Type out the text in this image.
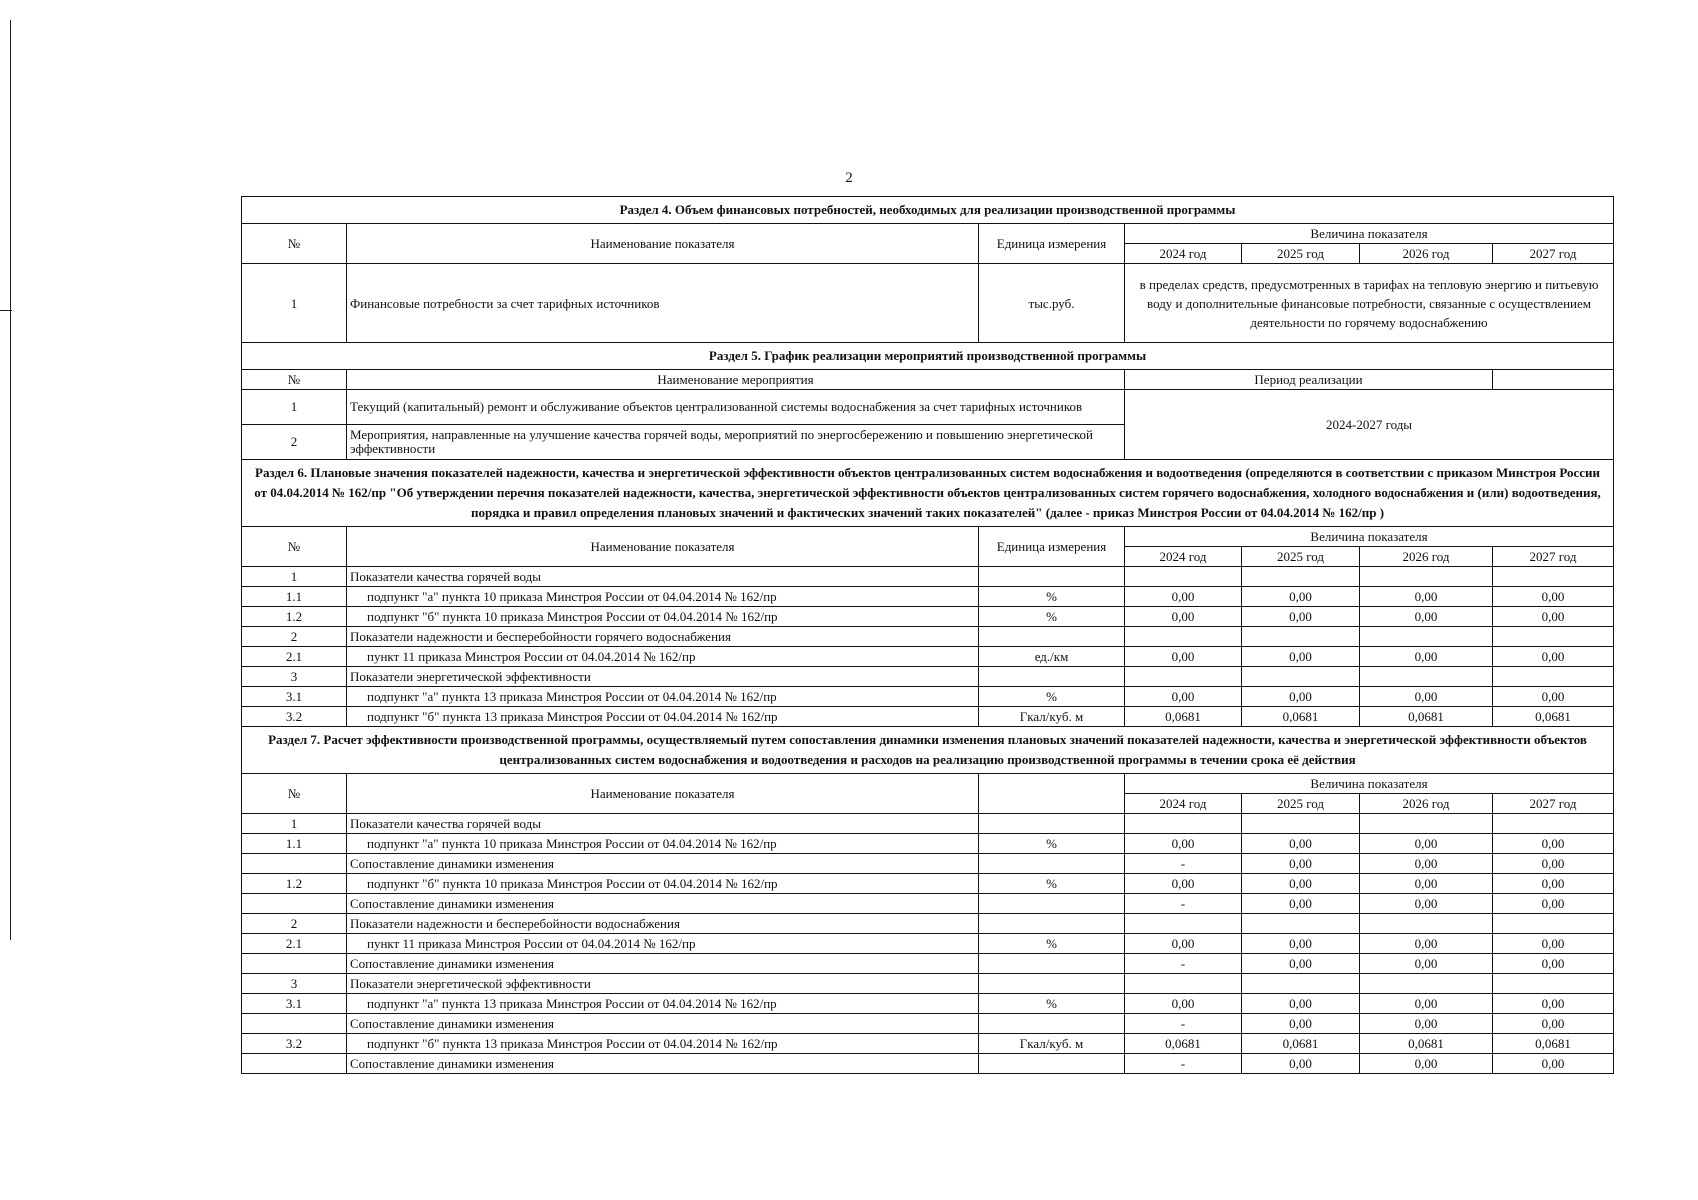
2
Раздел 4. Объем финансовых потребностей, необходимых для реализации производственной программы						
№	Наименование показателя	Единица измерения	Величина показателя			
			2024 год	2025 год	2026 год	2027 год
1	Финансовые потребности за счет тарифных источников	тыс.руб.	в пределах средств, предусмотренных в тарифах на тепловую энергию и питьевую воду и дополнительные финансовые потребности, связанные с осуществлением деятельности по горячему водоснабжению			
Раздел 5. График реализации мероприятий производственной программы						
№	Наименование мероприятия		Период реализации			
1	Текущий (капитальный) ремонт и обслуживание объектов централизованной системы водоснабжения за счет тарифных источников		2024-2027 годы			
2	Мероприятия, направленные на улучшение качества горячей воды, мероприятий по энергосбережению и повышению энергетической эффективности					
Раздел 6. Плановые значения показателей надежности, качества и энергетической эффективности объектов централизованных систем водоснабжения и водоотведения (определяются в соответствии с приказом Минстроя России от 04.04.2014 № 162/пр "Об утверждении перечня показателей надежности, качества, энергетической эффективности объектов централизованных систем горячего водоснабжения, холодного водоснабжения и (или) водоотведения, порядка и правил определения плановых значений и фактических значений таких показателей" (далее - приказ Минстроя России от 04.04.2014 № 162/пр )						
№	Наименование показателя	Единица измерения	Величина показателя			
			2024 год	2025 год	2026 год	2027 год
1	Показатели качества горячей воды					
1.1	подпункт "а" пункта 10 приказа Минстроя России от 04.04.2014 № 162/пр	%	0,00	0,00	0,00	0,00
1.2	подпункт "б" пункта 10 приказа Минстроя России от 04.04.2014 № 162/пр	%	0,00	0,00	0,00	0,00
2	Показатели надежности и бесперебойности горячего водоснабжения					
2.1	пункт 11 приказа Минстроя России от 04.04.2014 № 162/пр	ед./км	0,00	0,00	0,00	0,00
3	Показатели энергетической эффективности					
3.1	подпункт "а" пункта 13 приказа Минстроя России от 04.04.2014 № 162/пр	%	0,00	0,00	0,00	0,00
3.2	подпункт "б" пункта 13 приказа Минстроя России от 04.04.2014 № 162/пр	Гкал/куб. м	0,0681	0,0681	0,0681	0,0681
Раздел 7. Расчет эффективности производственной программы, осуществляемый путем сопоставления динамики изменения плановых значений показателей надежности, качества и энергетической эффективности объектов централизованных систем водоснабжения и водоотведения и расходов на реализацию производственной программы в течении срока её действия						
№	Наименование показателя		Величина показателя			
			2024 год	2025 год	2026 год	2027 год
1	Показатели качества горячей воды					
1.1	подпункт "а" пункта 10 приказа Минстроя России от 04.04.2014 № 162/пр	%	0,00	0,00	0,00	0,00
	Сопоставление динамики изменения		-	0,00	0,00	0,00
1.2	подпункт "б" пункта 10 приказа Минстроя России от 04.04.2014 № 162/пр	%	0,00	0,00	0,00	0,00
	Сопоставление динамики изменения		-	0,00	0,00	0,00
2	Показатели надежности и бесперебойности водоснабжения					
2.1	пункт 11 приказа Минстроя России от 04.04.2014 № 162/пр	%	0,00	0,00	0,00	0,00
	Сопоставление динамики изменения		-	0,00	0,00	0,00
3	Показатели энергетической эффективности					
3.1	подпункт "а" пункта 13 приказа Минстроя России от 04.04.2014 № 162/пр	%	0,00	0,00	0,00	0,00
	Сопоставление динамики изменения		-	0,00	0,00	0,00
3.2	подпункт "б" пункта 13 приказа Минстроя России от 04.04.2014 № 162/пр	Гкал/куб. м	0,0681	0,0681	0,0681	0,0681
	Сопоставление динамики изменения		-	0,00	0,00	0,00
